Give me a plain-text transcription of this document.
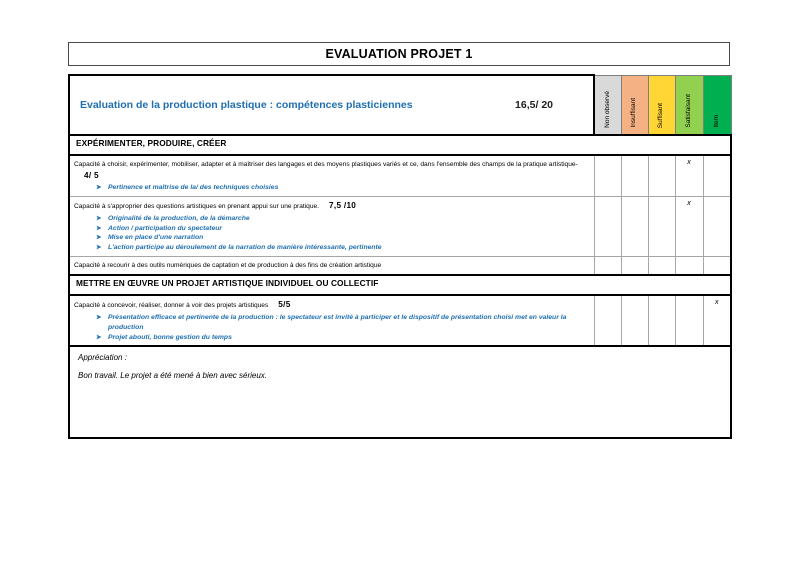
EVALUATION PROJET 1
Evaluation de la production plastique : compétences plasticiennes 16,5/ 20	Non observé	Insuffisant	Suffisant	Satisfaisant	Item
EXPÉRIMENTER, PRODUIRE, CRÉER					
Capacité à choisir, expérimenter, mobiliser, adapter et à maîtriser des langages et des moyens plastiques variés et ce, dans l'ensemble des champs de la pratique artistique-4/ 5
➤ Pertinence et maîtrise de la/ des techniques choisies
				x	
Capacité à s'approprier des questions artistiques en prenant appui sur une pratique. 7,5 /10
➤ Originalité de la production, de la démarche
➤ Action / participation du spectateur
➤ Mise en place d'une narration
➤ L'action participe au déroulement de la narration de manière intéressante, pertinente
				x	
Capacité à recourir à des outils numériques de captation et de production à des fins de création artistique					
METTRE EN ŒUVRE UN PROJET ARTISTIQUE INDIVIDUEL OU COLLECTIF					
Capacité à concevoir, réaliser, donner à voir des projets artistiques 5/5
➤ Présentation efficace et pertinente de la production : le spectateur est invité à participer et le dispositif de présentation choisi met en valeur la production
➤ Projet abouti, bonne gestion du temps
					x

Appréciation :
Bon travail. Le projet a été mené à bien avec sérieux.					
